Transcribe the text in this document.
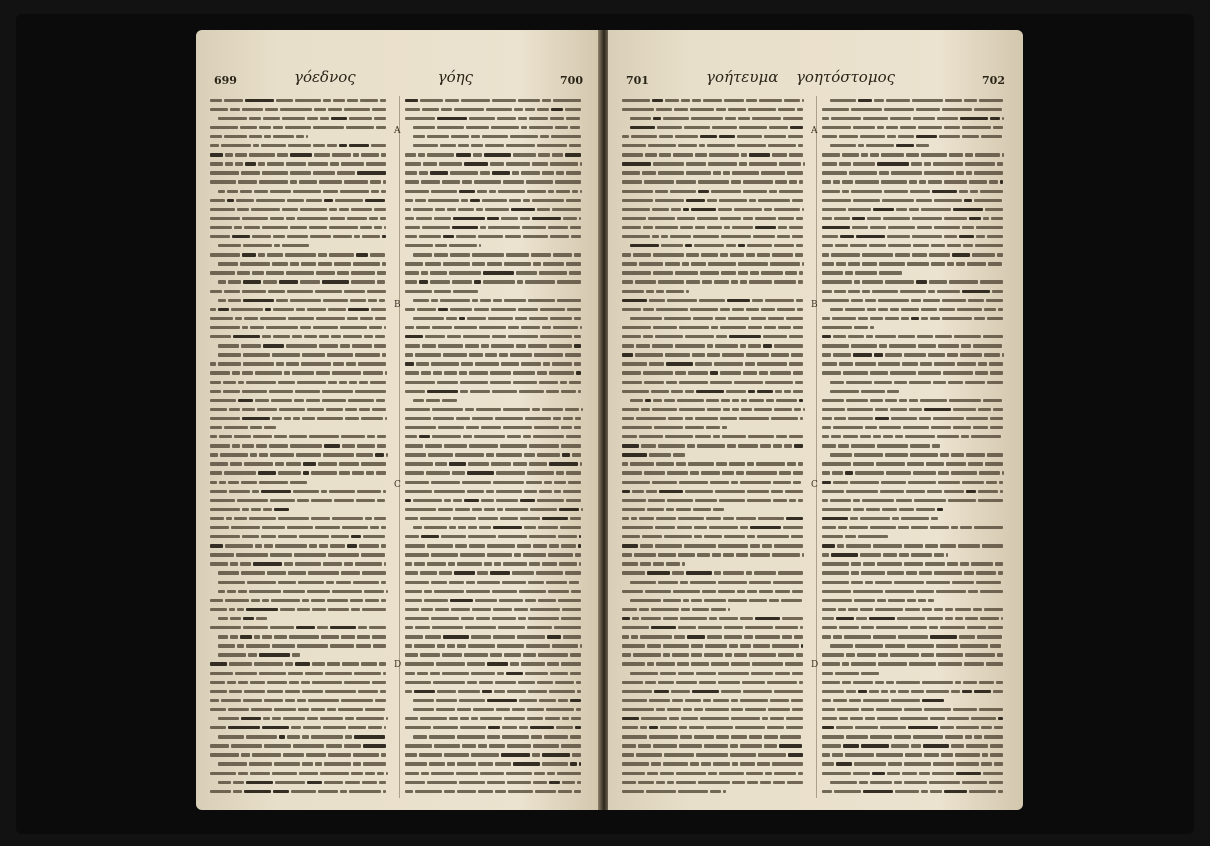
699	γόεδνος	γόης	700
A
B
C
D
701	γοήτευμα γοητόστομος	702
A
B
C
D
